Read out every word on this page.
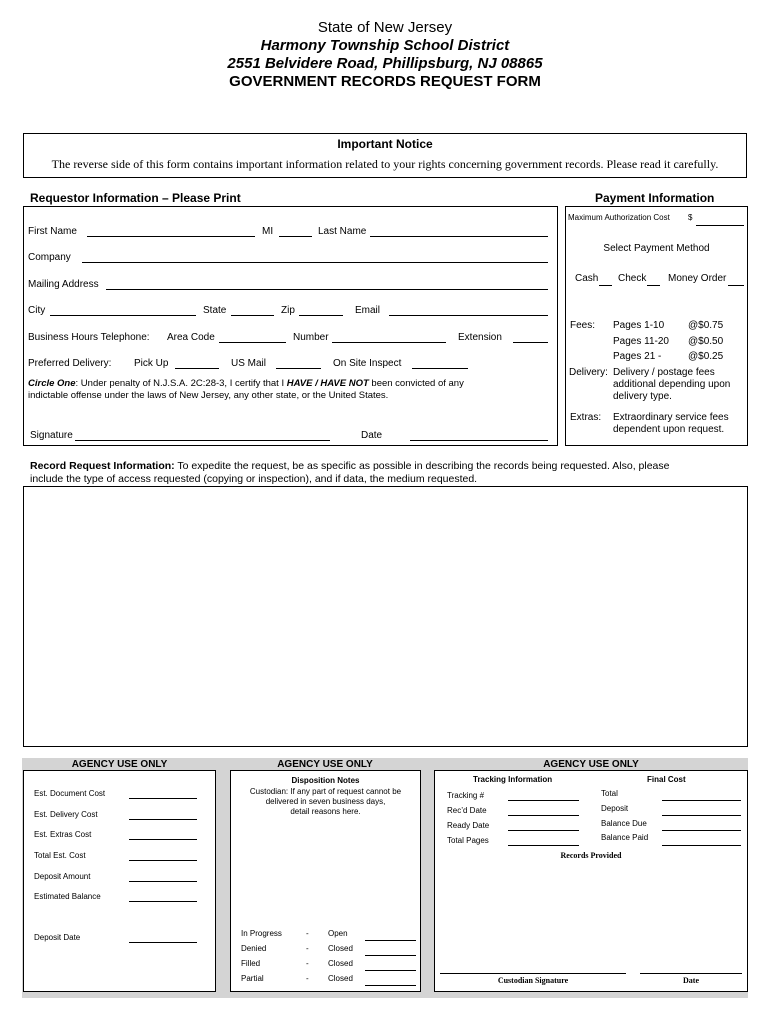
State of New Jersey
Harmony Township School District
2551 Belvidere Road, Phillipsburg, NJ 08865
GOVERNMENT RECORDS REQUEST FORM
Important Notice
The reverse side of this form contains important information related to your rights concerning government records. Please read it carefully.
Requestor Information – Please Print
First Name	MI	Last Name
Company
Mailing Address
City	State	Zip	Email
Business Hours Telephone: Area Code	Number	Extension
Preferred Delivery: Pick Up	US Mail	On Site Inspect
Circle One: Under penalty of N.J.S.A. 2C:28-3, I certify that I HAVE / HAVE NOT been convicted of any
indictable offense under the laws of New Jersey, any other state, or the United States.
Signature	Date
Payment Information
Maximum Authorization Cost $
Select Payment Method
Cash Check Money Order
Fees: Pages 1-10 @$0.75
Pages 11-20 @$0.50
Pages 21 -	@$0.25
Delivery: Delivery / postage fees
additional depending upon
delivery type.
Extras: Extraordinary service fees
dependent upon request.
Record Request Information: To expedite the request, be as specific as possible in describing the records being requested. Also, please
include the type of access requested (copying or inspection), and if data, the medium requested.
AGENCY USE ONLY	AGENCY USE ONLY	AGENCY USE ONLY
Est. Document Cost
Est. Delivery Cost
Est. Extras Cost
Total Est. Cost
Deposit Amount
Estimated Balance
Deposit Date
Disposition Notes
Custodian: If any part of request cannot be
delivered in seven business days,
detail reasons here.
In Progress	- Open
Denied	- Closed
Filled	- Closed
Partial	- Closed
Tracking Information	Final Cost
Tracking #
Rec’d Date
Ready Date
Total Pages
Total
Deposit
Balance Due
Balance Paid
Records Provided
Custodian Signature	Date
